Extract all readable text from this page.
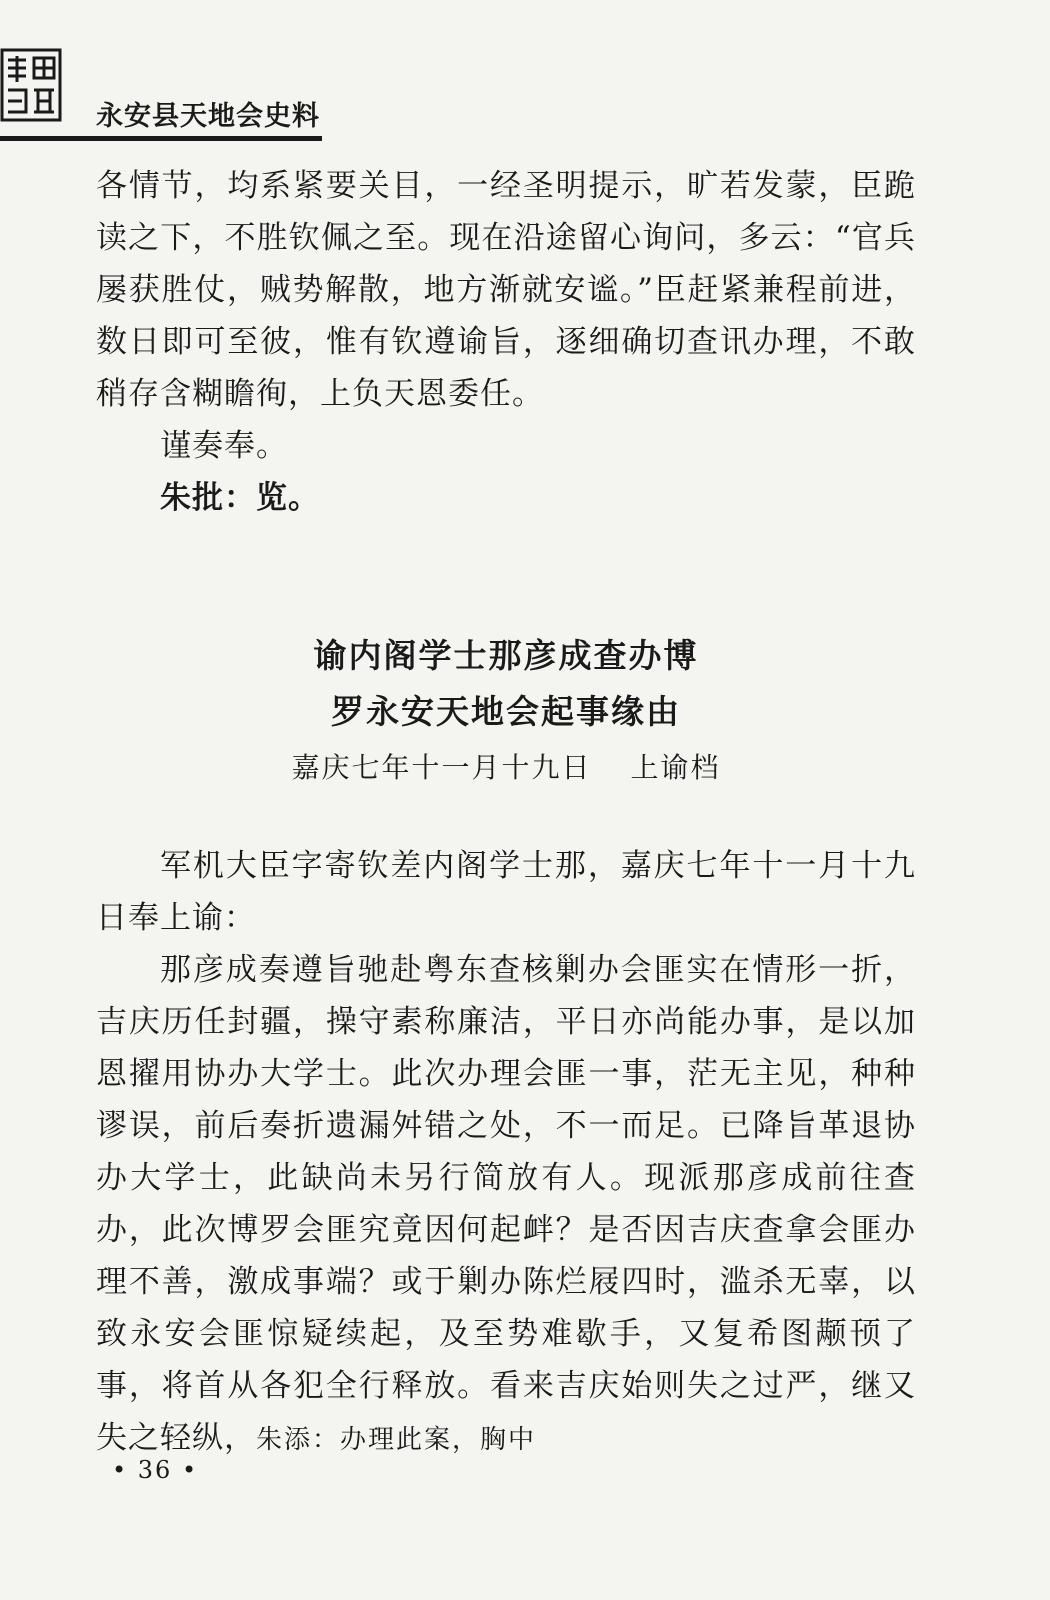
永安县天地会史料

各情节，均系紧要关目，一经圣明提示，旷若发蒙，臣跪读之下，不胜钦佩之至。现在沿途留心询问，多云：“官兵屡获胜仗，贼势解散，地方渐就安谧。”臣赶紧兼程前进，数日即可至彼，惟有钦遵谕旨，逐细确切查讯办理，不敢稍存含糊瞻徇，上负天恩委任。

谨奏奉。

朱批：览。

谕内阁学士那彦成查办博

罗永安天地会起事缘由

嘉庆七年十一月十九日 上谕档

军机大臣字寄钦差内阁学士那，嘉庆七年十一月十九日奉上谕：

那彦成奏遵旨驰赴粤东查核剿办会匪实在情形一折，吉庆历任封疆，操守素称廉洁，平日亦尚能办事，是以加恩擢用协办大学士。此次办理会匪一事，茫无主见，种种谬误，前后奏折遗漏舛错之处，不一而足。已降旨革退协办大学士，此缺尚未另行简放有人。现派那彦成前往查办，此次博罗会匪究竟因何起衅？是否因吉庆查拿会匪办理不善，激成事端？或于剿办陈烂屐四时，滥杀无辜，以致永安会匪惊疑续起，及至势难歇手，又复希图颟顸了事，将首从各犯全行释放。看来吉庆始则失之过严，继又失之轻纵，朱添：办理此案，胸中

• 36 •
